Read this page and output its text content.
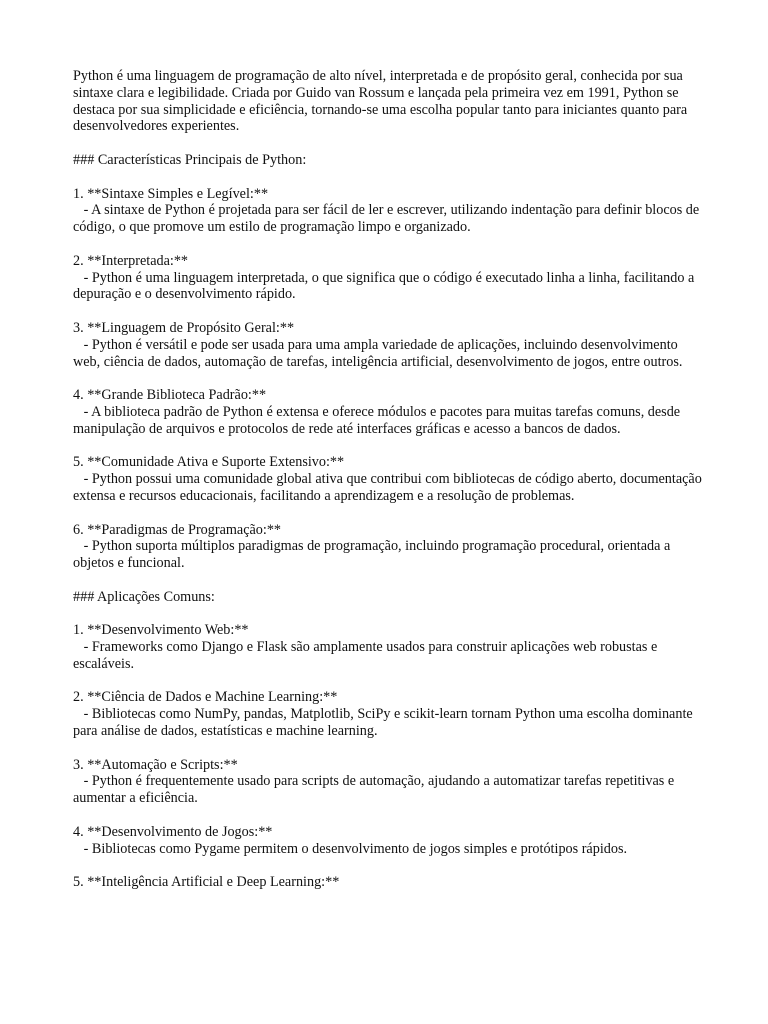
Python é uma linguagem de programação de alto nível, interpretada e de propósito geral, conhecida por sua sintaxe clara e legibilidade. Criada por Guido van Rossum e lançada pela primeira vez em 1991, Python se destaca por sua simplicidade e eficiência, tornando-se uma escolha popular tanto para iniciantes quanto para desenvolvedores experientes.

### Características Principais de Python:

1. **Sintaxe Simples e Legível:**
- A sintaxe de Python é projetada para ser fácil de ler e escrever, utilizando indentação para definir blocos de código, o que promove um estilo de programação limpo e organizado.
2. **Interpretada:**
- Python é uma linguagem interpretada, o que significa que o código é executado linha a linha, facilitando a depuração e o desenvolvimento rápido.
3. **Linguagem de Propósito Geral:**
- Python é versátil e pode ser usada para uma ampla variedade de aplicações, incluindo desenvolvimento web, ciência de dados, automação de tarefas, inteligência artificial, desenvolvimento de jogos, entre outros.
4. **Grande Biblioteca Padrão:**
- A biblioteca padrão de Python é extensa e oferece módulos e pacotes para muitas tarefas comuns, desde manipulação de arquivos e protocolos de rede até interfaces gráficas e acesso a bancos de dados.
5. **Comunidade Ativa e Suporte Extensivo:**
- Python possui uma comunidade global ativa que contribui com bibliotecas de código aberto, documentação extensa e recursos educacionais, facilitando a aprendizagem e a resolução de problemas.
6. **Paradigmas de Programação:**
- Python suporta múltiplos paradigmas de programação, incluindo programação procedural, orientada a objetos e funcional.

### Aplicações Comuns:

1. **Desenvolvimento Web:**
- Frameworks como Django e Flask são amplamente usados para construir aplicações web robustas e escaláveis.
2. **Ciência de Dados e Machine Learning:**
- Bibliotecas como NumPy, pandas, Matplotlib, SciPy e scikit-learn tornam Python uma escolha dominante para análise de dados, estatísticas e machine learning.
3. **Automação e Scripts:**
- Python é frequentemente usado para scripts de automação, ajudando a automatizar tarefas repetitivas e aumentar a eficiência.
4. **Desenvolvimento de Jogos:**
- Bibliotecas como Pygame permitem o desenvolvimento de jogos simples e protótipos rápidos.
5. **Inteligência Artificial e Deep Learning:**
